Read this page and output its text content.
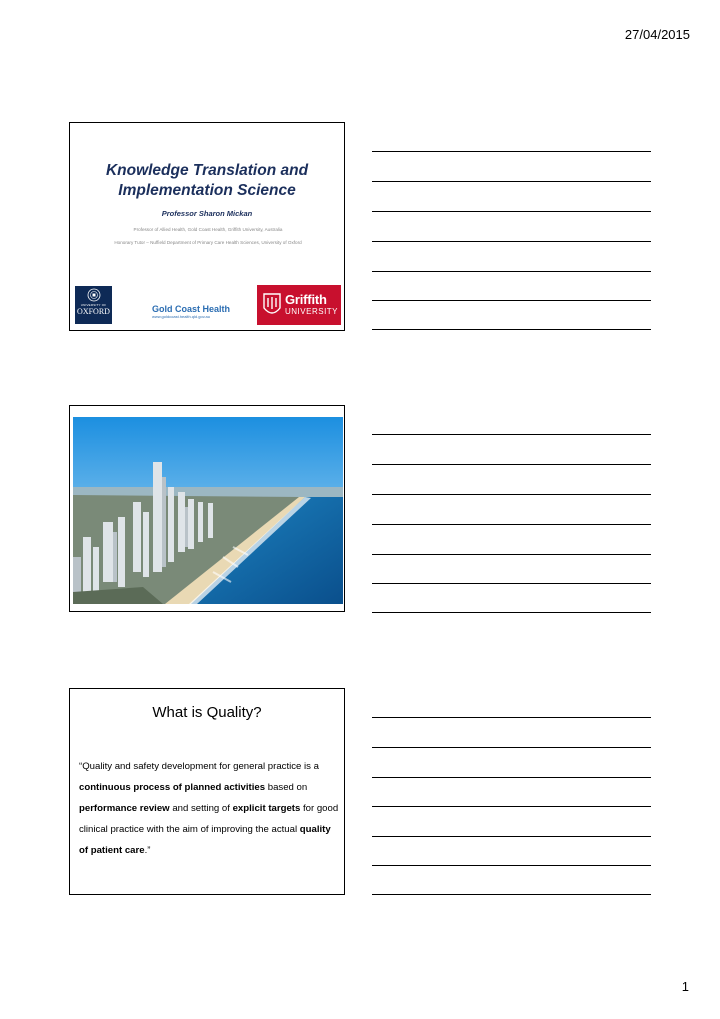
27/04/2015
Knowledge Translation and
Implementation Science
Professor Sharon Mickan
Professor of Allied Health, Gold Coast Health, Griffith University, Australia
Honorary Tutor – Nuffield Department of Primary Care Health Sciences, University of Oxford
UNIVERSITY OF
OXFORD	Gold Coast Health
www.goldcoast.health.qld.gov.au
Griffith
UNIVERSITY
What is Quality?
“Quality and safety development for general practice is a continuous process of planned activities based on performance review and setting of explicit targets for good clinical practice with the aim of improving the actual quality of patient care.”
1
